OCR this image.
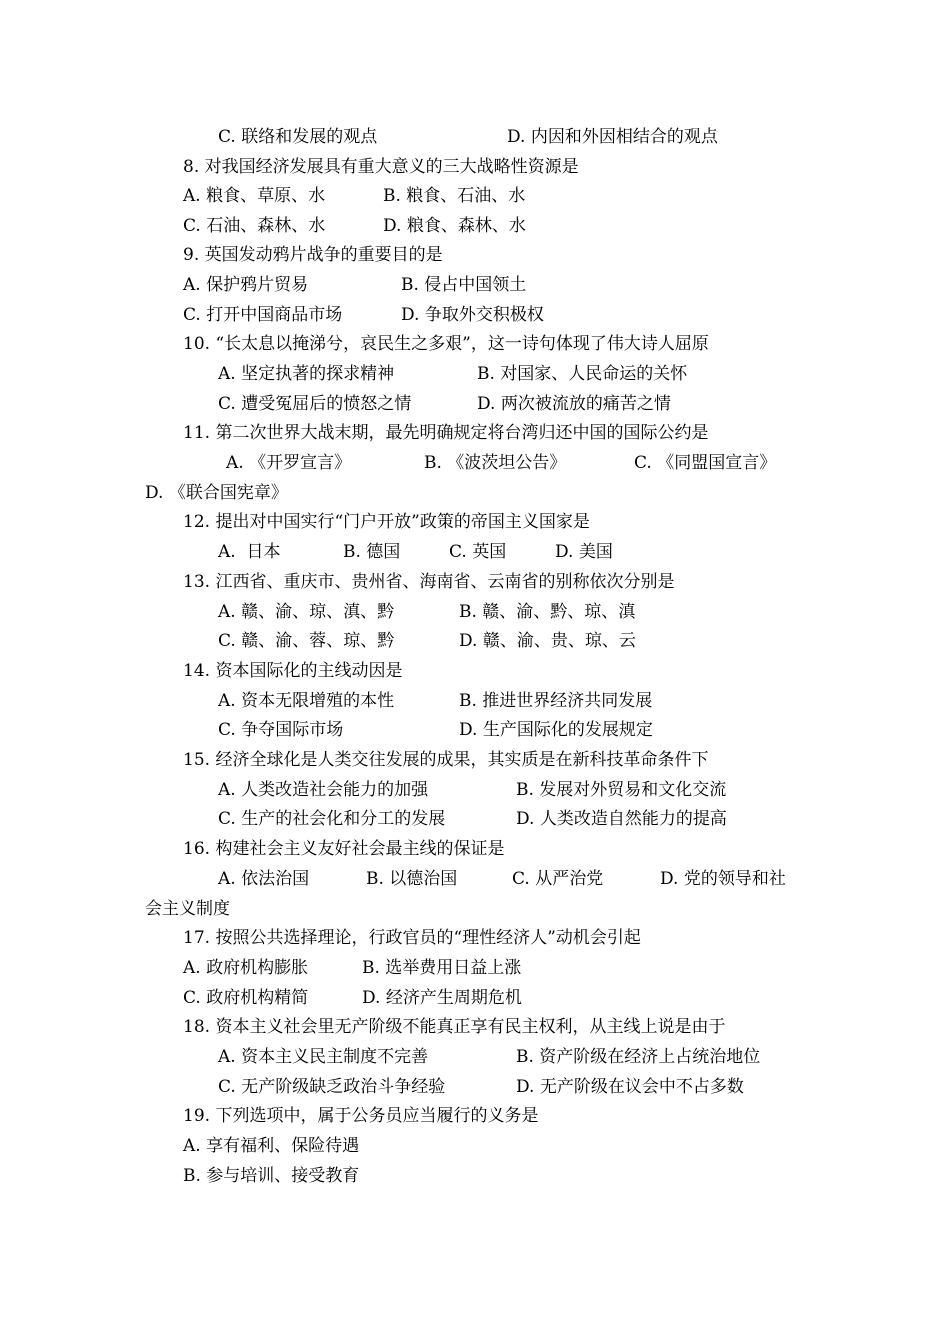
C. 联络和发展的观点	D. 内因和外因相结合的观点
8. 对我国经济发展具有重大意义的三大战略性资源是
A. 粮食、草原、水	B. 粮食、石油、水
C. 石油、森林、水	D. 粮食、森林、水
9. 英国发动鸦片战争的重要目的是
A. 保护鸦片贸易	B. 侵占中国领土
C. 打开中国商品市场	D. 争取外交积极权
10. “长太息以掩涕兮，哀民生之多艰”，这一诗句体现了伟大诗人屈原
A. 坚定执著的探求精神	B. 对国家、人民命运的关怀
C. 遭受冤屈后的愤怒之情	D. 两次被流放的痛苦之情
11. 第二次世界大战末期，最先明确规定将台湾归还中国的国际公约是
A. 《开罗宣言》	B. 《波茨坦公告》	C. 《同盟国宣言》
D. 《联合国宪章》
12. 提出对中国实行“门户开放”政策的帝国主义国家是
A.  日本	B. 德国	C. 英国	D. 美国
13. 江西省、重庆市、贵州省、海南省、云南省的别称依次分别是
A. 赣、渝、琼、滇、黔	B. 赣、渝、黔、琼、滇
C. 赣、渝、蓉、琼、黔	D. 赣、渝、贵、琼、云
14. 资本国际化的主线动因是
A. 资本无限增殖的本性	B. 推进世界经济共同发展
C. 争夺国际市场	D. 生产国际化的发展规定
15. 经济全球化是人类交往发展的成果，其实质是在新科技革命条件下
A. 人类改造社会能力的加强	B. 发展对外贸易和文化交流
C. 生产的社会化和分工的发展	D. 人类改造自然能力的提高
16. 构建社会主义友好社会最主线的保证是
A. 依法治国	B. 以德治国	C. 从严治党	D. 党的领导和社
会主义制度
17. 按照公共选择理论，行政官员的“理性经济人”动机会引起
A. 政府机构膨胀	B. 选举费用日益上涨
C. 政府机构精简	D. 经济产生周期危机
18. 资本主义社会里无产阶级不能真正享有民主权利，从主线上说是由于
A. 资本主义民主制度不完善	B. 资产阶级在经济上占统治地位
C. 无产阶级缺乏政治斗争经验	D. 无产阶级在议会中不占多数
19. 下列选项中，属于公务员应当履行的义务是
A. 享有福利、保险待遇
B. 参与培训、接受教育
